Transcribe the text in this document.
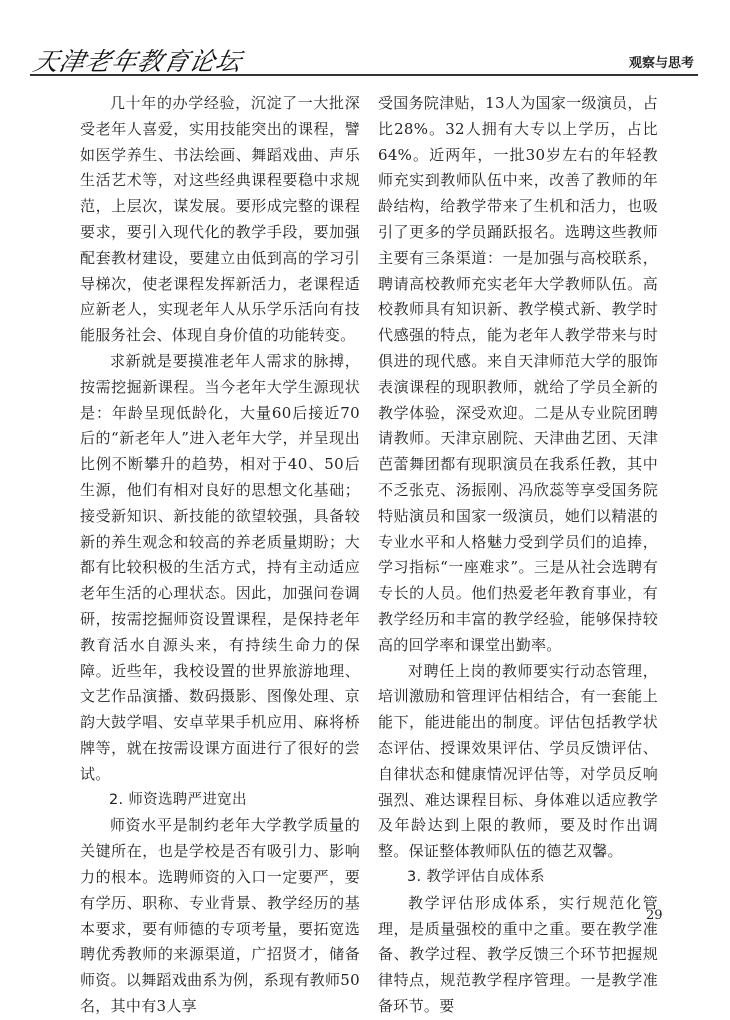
天津老年教育论坛	观察与思考

几十年的办学经验，沉淀了一大批深受老年人喜爱，实用技能突出的课程，譬如医学养生、书法绘画、舞蹈戏曲、声乐生活艺术等，对这些经典课程要稳中求规范，上层次，谋发展。要形成完整的课程要求，要引入现代化的教学手段，要加强配套教材建设，要建立由低到高的学习引导梯次，使老课程发挥新活力，老课程适应新老人，实现老年人从乐学乐活向有技能服务社会、体现自身价值的功能转变。

求新就是要摸准老年人需求的脉搏，按需挖掘新课程。当今老年大学生源现状是：年龄呈现低龄化，大量60后接近70后的“新老年人”进入老年大学，并呈现出比例不断攀升的趋势，相对于40、50后生源，他们有相对良好的思想文化基础；接受新知识、新技能的欲望较强，具备较新的养生观念和较高的养老质量期盼；大都有比较积极的生活方式，持有主动适应老年生活的心理状态。因此，加强问卷调研，按需挖掘师资设置课程，是保持老年教育活水自源头来，有持续生命力的保障。近些年，我校设置的世界旅游地理、文艺作品演播、数码摄影、图像处理、京韵大鼓学唱、安卓苹果手机应用、麻将桥牌等，就在按需设课方面进行了很好的尝试。

2. 师资选聘严进宽出

师资水平是制约老年大学教学质量的关键所在，也是学校是否有吸引力、影响力的根本。选聘师资的入口一定要严，要有学历、职称、专业背景、教学经历的基本要求，要有师德的专项考量，要拓宽选聘优秀教师的来源渠道，广招贤才，储备师资。以舞蹈戏曲系为例，系现有教师50名，其中有3人享

受国务院津贴，13人为国家一级演员，占比28%。32人拥有大专以上学历，占比64%。近两年，一批30岁左右的年轻教师充实到教师队伍中来，改善了教师的年龄结构，给教学带来了生机和活力，也吸引了更多的学员踊跃报名。选聘这些教师主要有三条渠道：一是加强与高校联系，聘请高校教师充实老年大学教师队伍。高校教师具有知识新、教学模式新、教学时代感强的特点，能为老年人教学带来与时俱进的现代感。来自天津师范大学的服饰表演课程的现职教师，就给了学员全新的教学体验，深受欢迎。二是从专业院团聘请教师。天津京剧院、天津曲艺团、天津芭蕾舞团都有现职演员在我系任教，其中不乏张克、汤振刚、冯欣蕊等享受国务院特贴演员和国家一级演员，她们以精湛的专业水平和人格魅力受到学员们的追捧，学习指标“一座难求”。三是从社会选聘有专长的人员。他们热爱老年教育事业，有教学经历和丰富的教学经验，能够保持较高的回学率和课堂出勤率。

对聘任上岗的教师要实行动态管理，培训激励和管理评估相结合，有一套能上能下，能进能出的制度。评估包括教学状态评估、授课效果评估、学员反馈评估、自律状态和健康情况评估等，对学员反响强烈、难达课程目标、身体难以适应教学及年龄达到上限的教师，要及时作出调整。保证整体教师队伍的德艺双馨。

3. 教学评估自成体系

教学评估形成体系，实行规范化管理，是质量强校的重中之重。要在教学准备、教学过程、教学反馈三个环节把握规律特点，规范教学程序管理。一是教学准备环节。要

29
